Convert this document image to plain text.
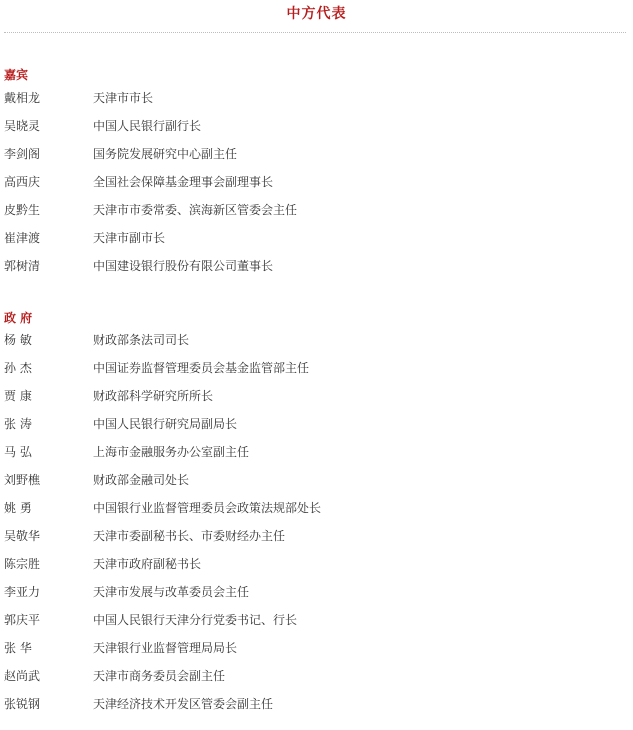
中方代表
嘉宾
戴相龙	天津市市长
吴晓灵	中国人民银行副行长
李剑阁	国务院发展研究中心副主任
高西庆	全国社会保障基金理事会副理事长
皮黔生	天津市市委常委、滨海新区管委会主任
崔津渡	天津市副市长
郭树清	中国建设银行股份有限公司董事长
政 府
杨 敏	财政部条法司司长
孙 杰	中国证券监督管理委员会基金监管部主任
贾 康	财政部科学研究所所长
张 涛	中国人民银行研究局副局长
马 弘	上海市金融服务办公室副主任
刘野樵	财政部金融司处长
姚 勇	中国银行业监督管理委员会政策法规部处长
吴敬华	天津市委副秘书长、市委财经办主任
陈宗胜	天津市政府副秘书长
李亚力	天津市发展与改革委员会主任
郭庆平	中国人民银行天津分行党委书记、行长
张 华	天津银行业监督管理局局长
赵尚武	天津市商务委员会副主任
张锐钢	天津经济技术开发区管委会副主任
